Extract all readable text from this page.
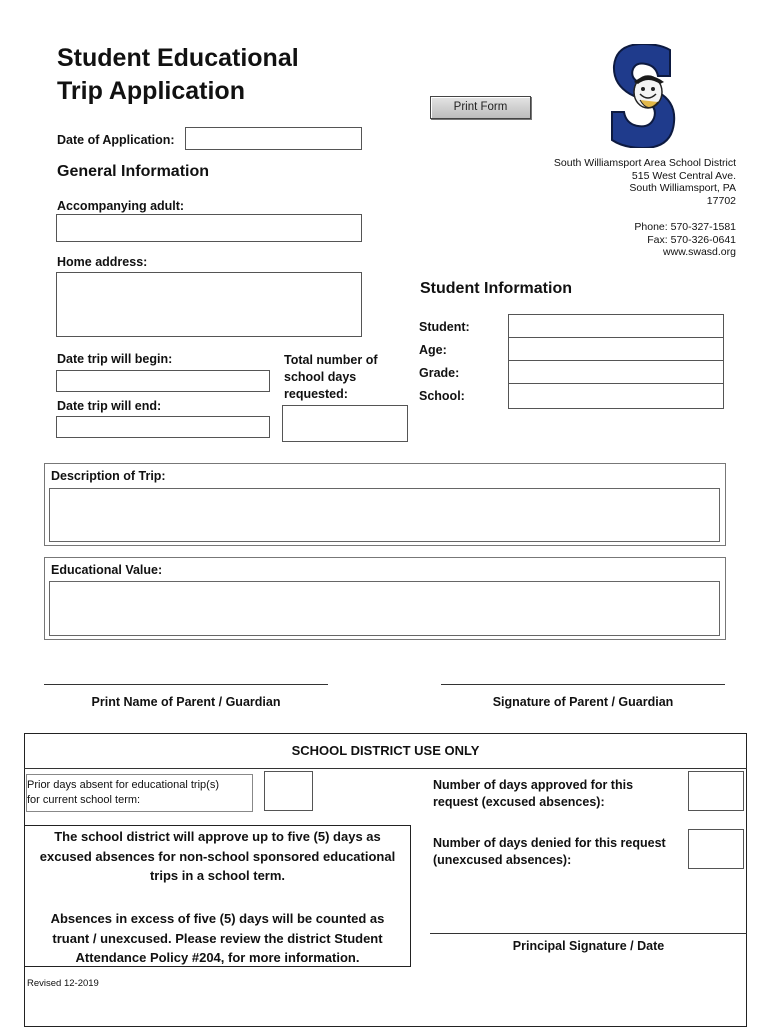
Student Educational
Trip Application
Print Form
Date of Application:
General Information
Accompanying adult:
Home address:
Date trip will begin:
Date trip will end:
Total number of
school days
requested:
South Williamsport Area School District
515 West Central Ave.
South Williamsport, PA
17702
Phone: 570-327-1581
Fax: 570-326-0641
www.swasd.org
Student Information
Student:
Age:
Grade:
School:
Description of Trip:
Educational Value:
Print Name of Parent / Guardian	Signature of Parent / Guardian
SCHOOL DISTRICT USE ONLY
Prior days absent for educational trip(s)
for current school term:
Number of days approved for this
request (excused absences):
Number of days denied for this request
(unexcused absences):
The school district will approve up to five (5) days as
excused absences for non-school sponsored educational
trips in a school term.
Absences in excess of five (5) days will be counted as
truant / unexcused. Please review the district Student
Attendance Policy #204, for more information.
Principal Signature / Date
Revised 12-2019
